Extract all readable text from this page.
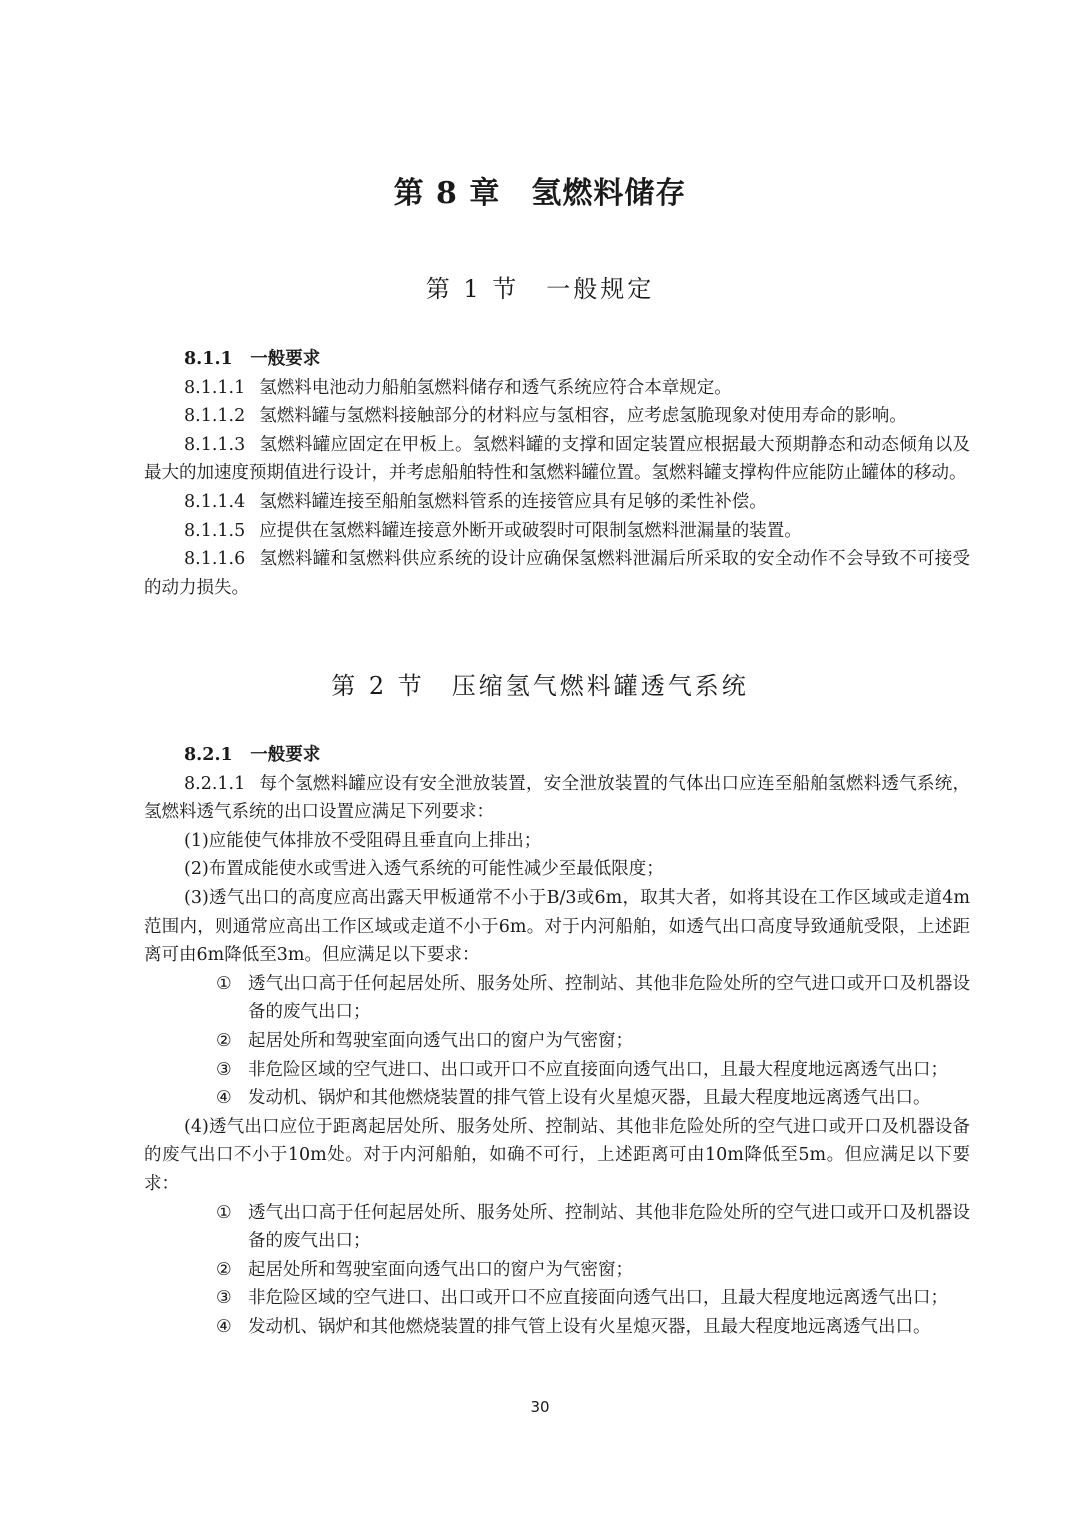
第 8 章　氢燃料储存
第 1 节　一般规定
8.1.1　一般要求

8.1.1.1 氢燃料电池动力船舶氢燃料储存和透气系统应符合本章规定。

8.1.1.2 氢燃料罐与氢燃料接触部分的材料应与氢相容，应考虑氢脆现象对使用寿命的影响。

8.1.1.3 氢燃料罐应固定在甲板上。氢燃料罐的支撑和固定装置应根据最大预期静态和动态倾角以及最大的加速度预期值进行设计，并考虑船舶特性和氢燃料罐位置。氢燃料罐支撑构件应能防止罐体的移动。

8.1.1.4 氢燃料罐连接至船舶氢燃料管系的连接管应具有足够的柔性补偿。

8.1.1.5 应提供在氢燃料罐连接意外断开或破裂时可限制氢燃料泄漏量的装置。

8.1.1.6 氢燃料罐和氢燃料供应系统的设计应确保氢燃料泄漏后所采取的安全动作不会导致不可接受的动力损失。

第 2 节　压缩氢气燃料罐透气系统
8.2.1　一般要求

8.2.1.1 每个氢燃料罐应设有安全泄放装置，安全泄放装置的气体出口应连至船舶氢燃料透气系统，氢燃料透气系统的出口设置应满足下列要求：

(1)应能使气体排放不受阻碍且垂直向上排出；

(2)布置成能使水或雪进入透气系统的可能性减少至最低限度；

(3)透气出口的高度应高出露天甲板通常不小于B/3或6m，取其大者，如将其设在工作区域或走道4m范围内，则通常应高出工作区域或走道不小于6m。对于内河船舶，如透气出口高度导致通航受限，上述距离可由6m降低至3m。但应满足以下要求：

① 透气出口高于任何起居处所、服务处所、控制站、其他非危险处所的空气进口或开口及机器设备的废气出口；

② 起居处所和驾驶室面向透气出口的窗户为气密窗；

③ 非危险区域的空气进口、出口或开口不应直接面向透气出口，且最大程度地远离透气出口；

④ 发动机、锅炉和其他燃烧装置的排气管上设有火星熄灭器，且最大程度地远离透气出口。

(4)透气出口应位于距离起居处所、服务处所、控制站、其他非危险处所的空气进口或开口及机器设备的废气出口不小于10m处。对于内河船舶，如确不可行，上述距离可由10m降低至5m。但应满足以下要求：

① 透气出口高于任何起居处所、服务处所、控制站、其他非危险处所的空气进口或开口及机器设备的废气出口；

② 起居处所和驾驶室面向透气出口的窗户为气密窗；

③ 非危险区域的空气进口、出口或开口不应直接面向透气出口，且最大程度地远离透气出口；

④ 发动机、锅炉和其他燃烧装置的排气管上设有火星熄灭器，且最大程度地远离透气出口。

30
